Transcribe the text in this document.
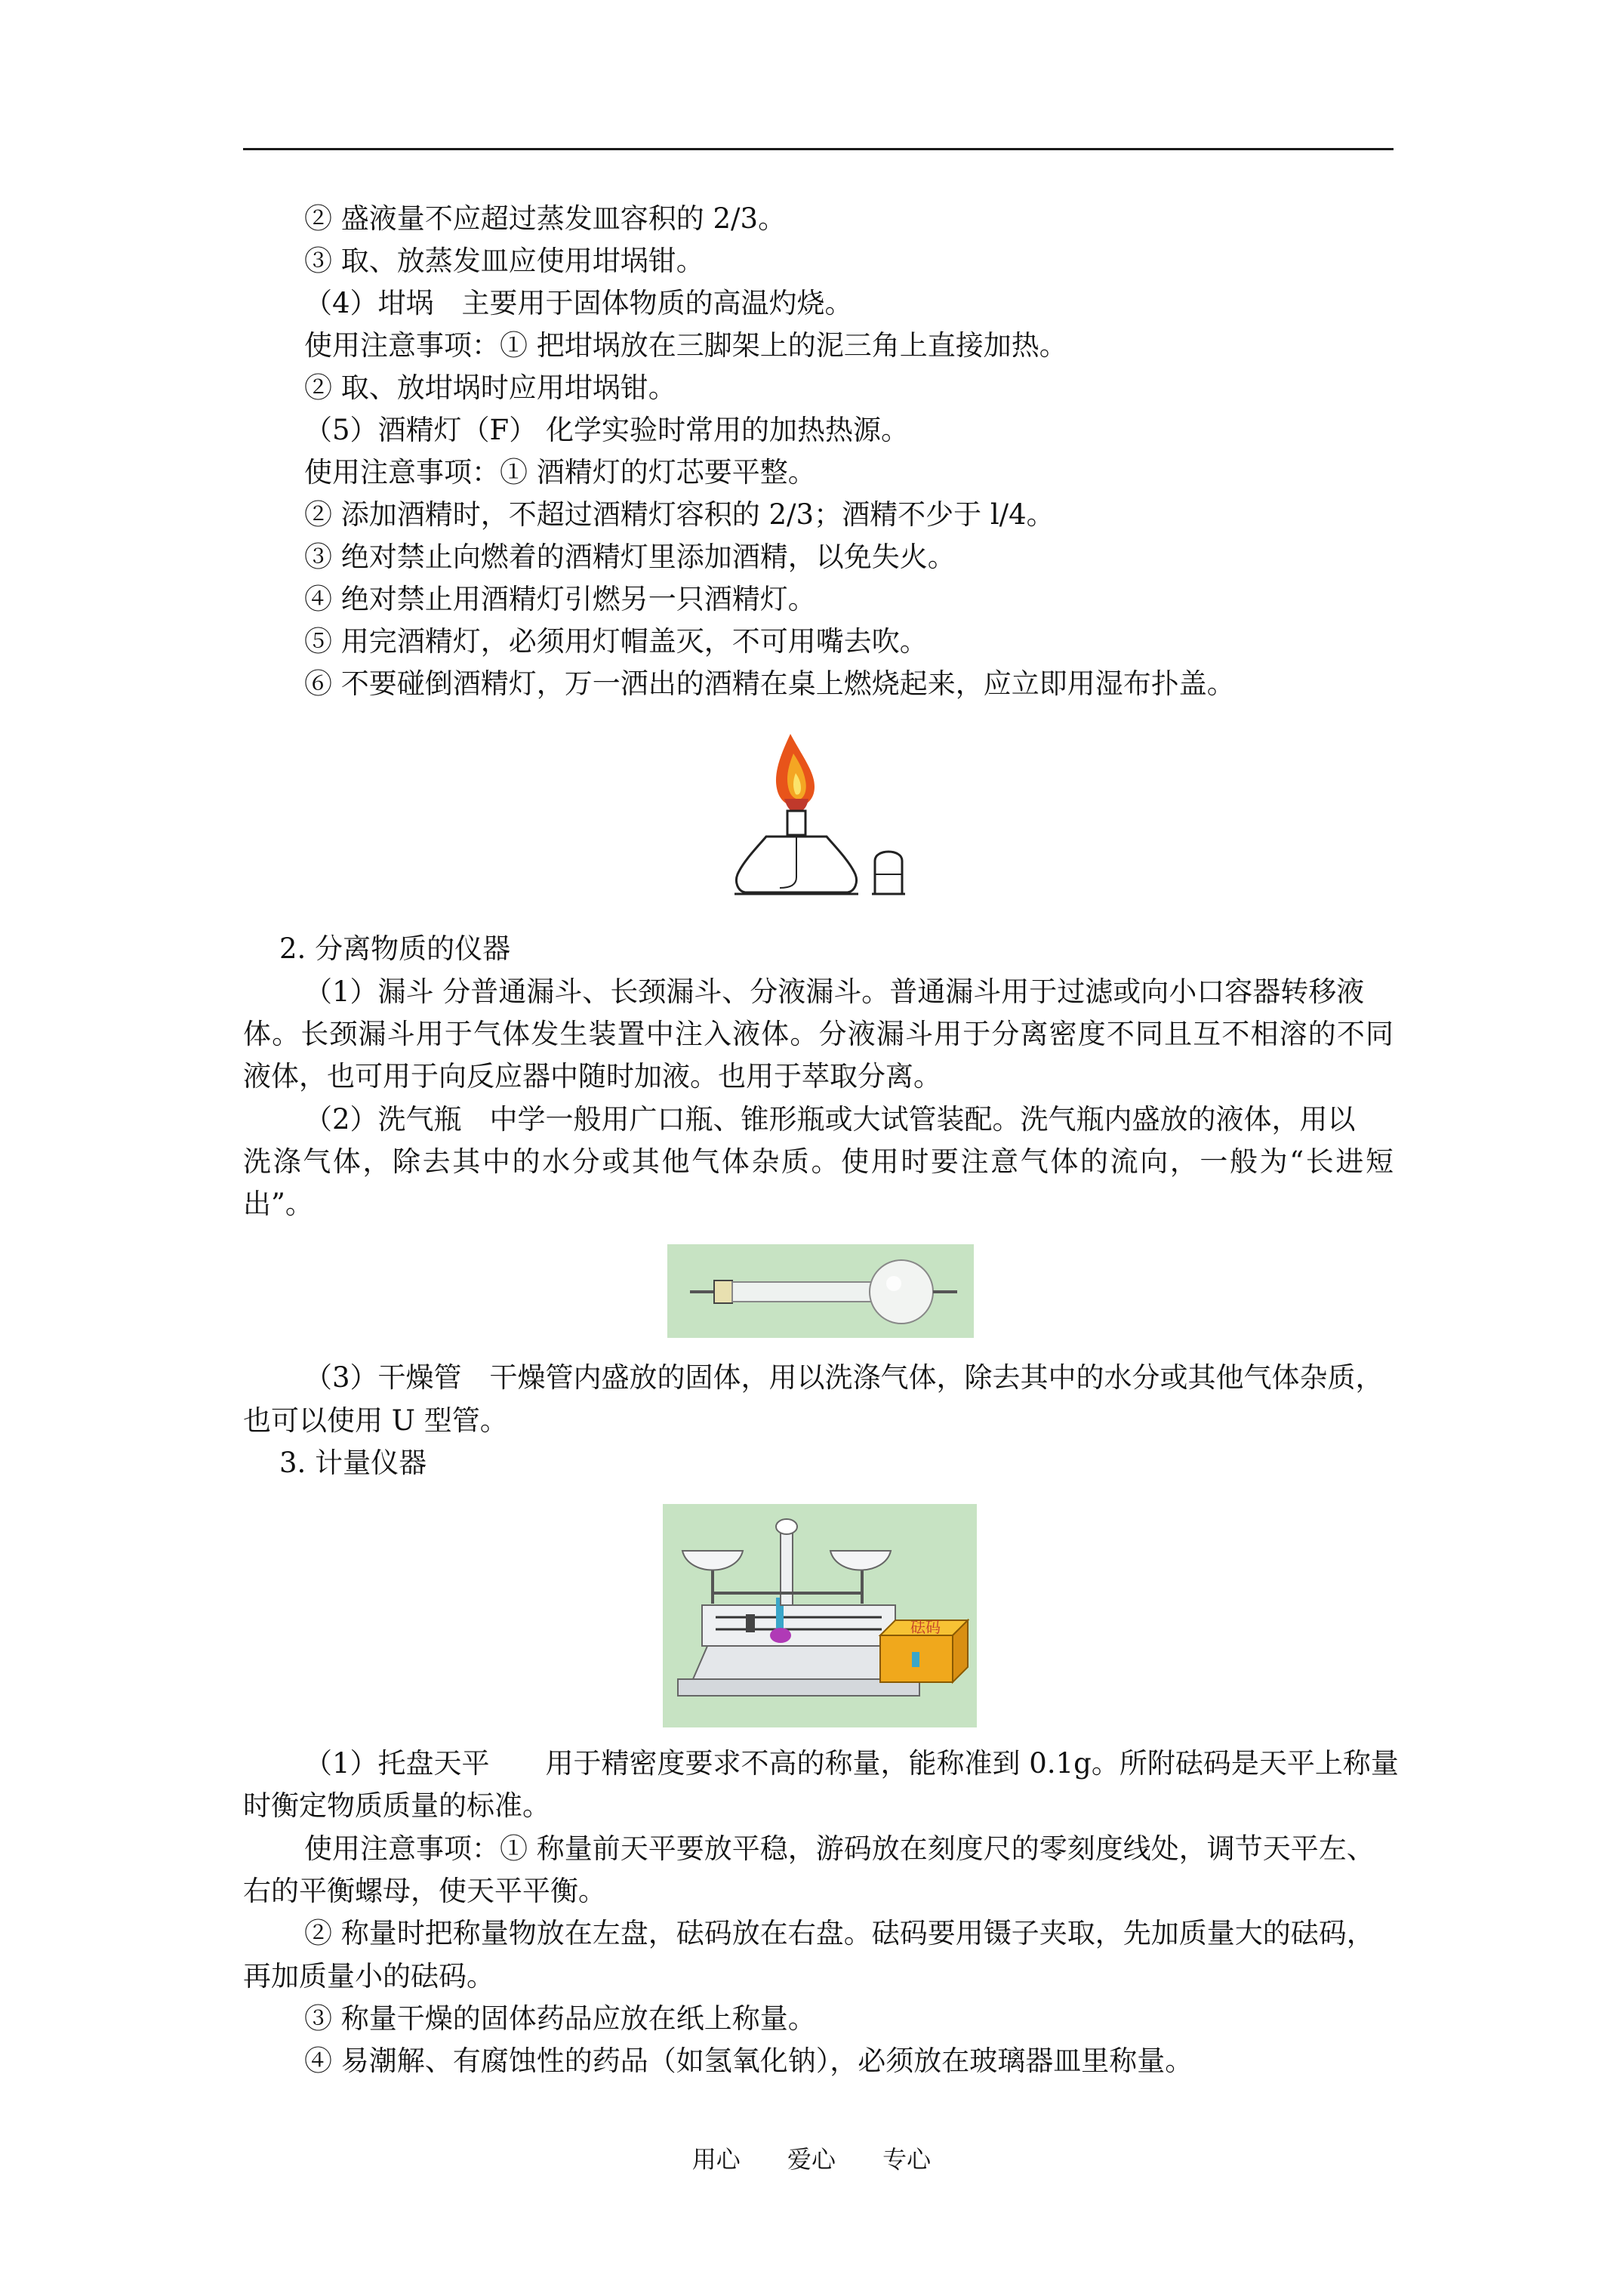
② 盛液量不应超过蒸发皿容积的 2/3。
③ 取、放蒸发皿应使用坩埚钳。
（4）坩埚　主要用于固体物质的高温灼烧。
使用注意事项：① 把坩埚放在三脚架上的泥三角上直接加热。
② 取、放坩埚时应用坩埚钳。
（5）酒精灯（F） 化学实验时常用的加热热源。
使用注意事项：① 酒精灯的灯芯要平整。
② 添加酒精时，不超过酒精灯容积的 2/3；酒精不少于 l/4。
③ 绝对禁止向燃着的酒精灯里添加酒精，以免失火。
④ 绝对禁止用酒精灯引燃另一只酒精灯。
⑤ 用完酒精灯，必须用灯帽盖灭，不可用嘴去吹。
⑥ 不要碰倒酒精灯，万一洒出的酒精在桌上燃烧起来，应立即用湿布扑盖。
2. 分离物质的仪器
（1）漏斗 分普通漏斗、长颈漏斗、分液漏斗。普通漏斗用于过滤或向小口容器转移液
体。长颈漏斗用于气体发生装置中注入液体。分液漏斗用于分离密度不同且互不相溶的不同
液体，也可用于向反应器中随时加液。也用于萃取分离。
（2）洗气瓶　中学一般用广口瓶、锥形瓶或大试管装配。洗气瓶内盛放的液体，用以
洗涤气体，除去其中的水分或其他气体杂质。使用时要注意气体的流向，一般为“长进短
出”。
（3）干燥管　干燥管内盛放的固体，用以洗涤气体，除去其中的水分或其他气体杂质，
也可以使用 U 型管。
3. 计量仪器
砝码
（1）托盘天平　　用于精密度要求不高的称量，能称准到 0.1g。所附砝码是天平上称量
时衡定物质质量的标准。
使用注意事项：① 称量前天平要放平稳，游码放在刻度尺的零刻度线处，调节天平左、
右的平衡螺母，使天平平衡。
② 称量时把称量物放在左盘，砝码放在右盘。砝码要用镊子夹取，先加质量大的砝码，
再加质量小的砝码。
③ 称量干燥的固体药品应放在纸上称量。
④ 易潮解、有腐蚀性的药品（如氢氧化钠），必须放在玻璃器皿里称量。
用心 爱心 专心
